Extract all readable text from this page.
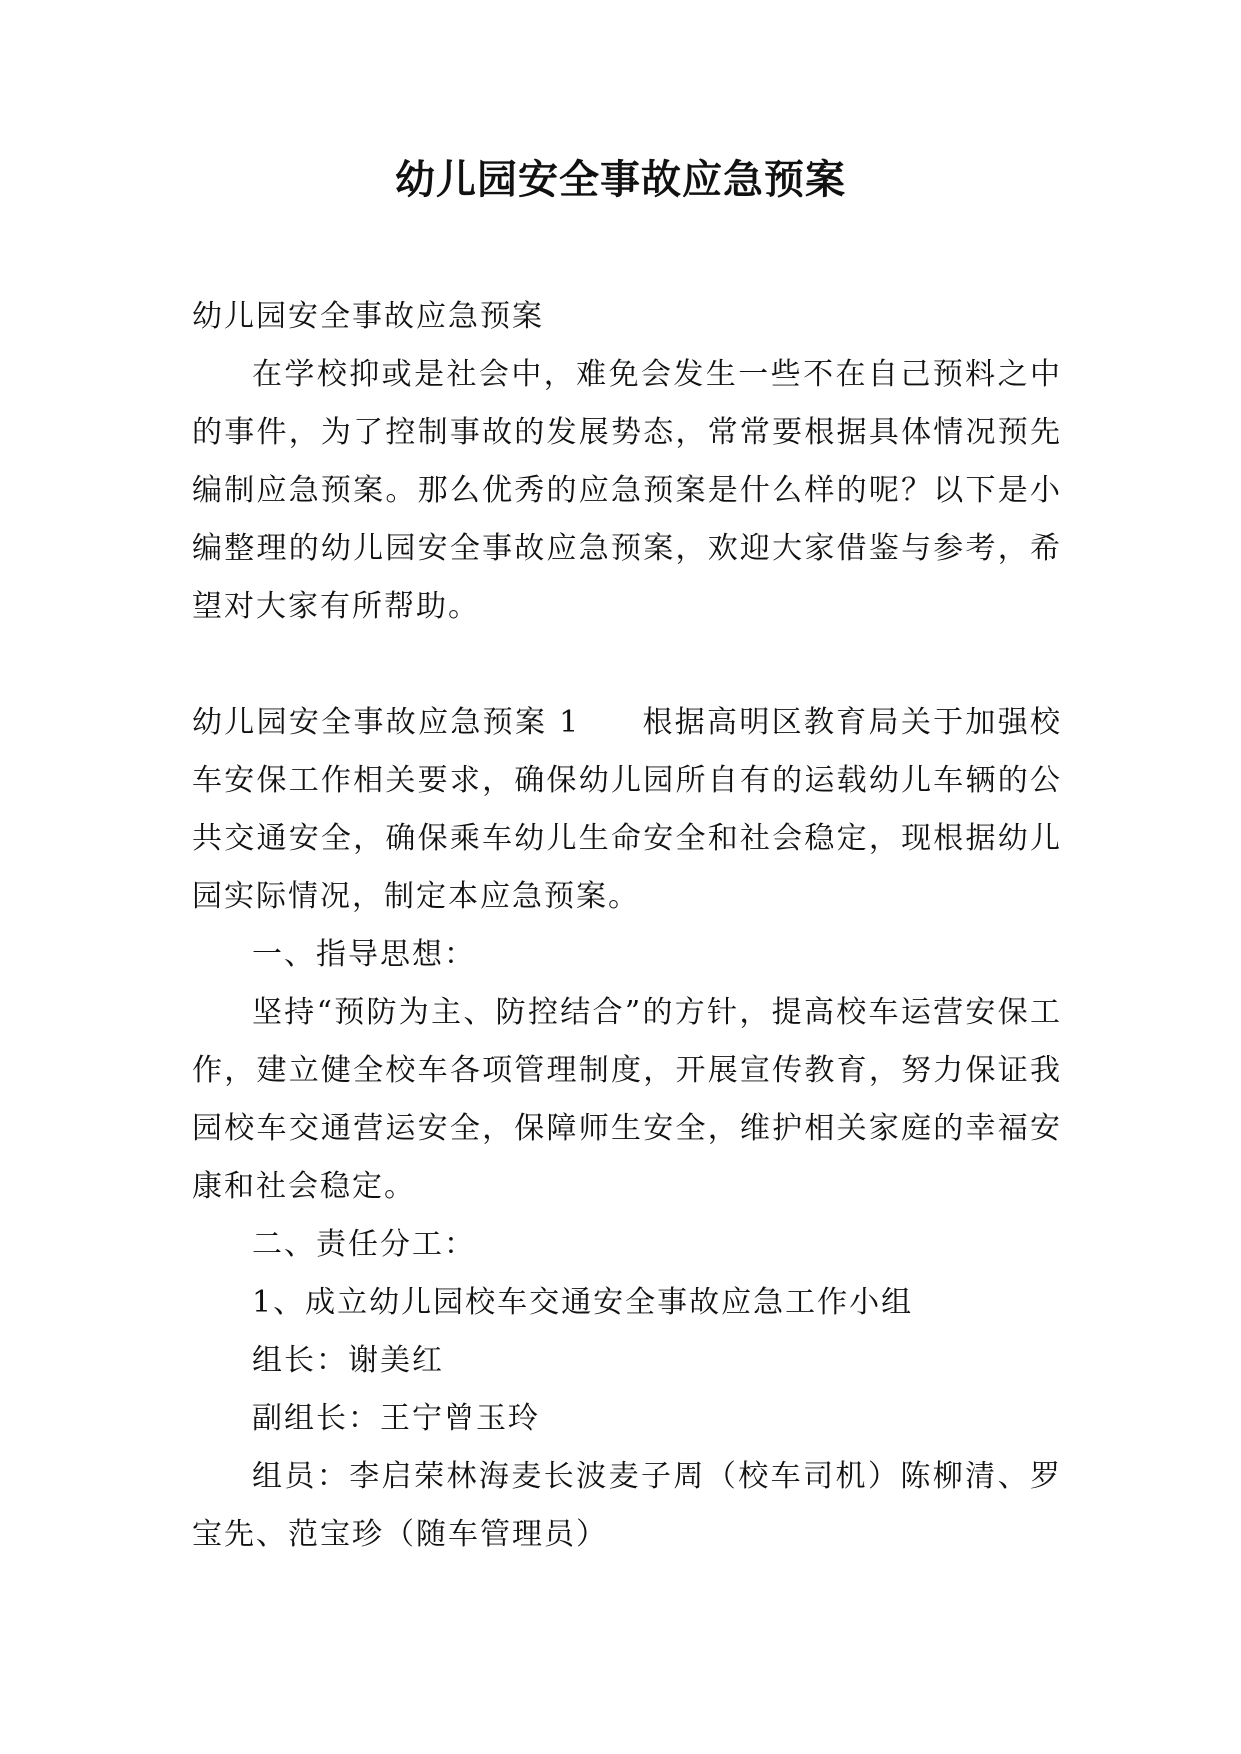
幼儿园安全事故应急预案

幼儿园安全事故应急预案

在学校抑或是社会中，难免会发生一些不在自己预料之中的事件，为了控制事故的发展势态，常常要根据具体情况预先编制应急预案。那么优秀的应急预案是什么样的呢？以下是小编整理的幼儿园安全事故应急预案，欢迎大家借鉴与参考，希望对大家有所帮助。

幼儿园安全事故应急预案 1 根据高明区教育局关于加强校车安保工作相关要求，确保幼儿园所自有的运载幼儿车辆的公共交通安全，确保乘车幼儿生命安全和社会稳定，现根据幼儿园实际情况，制定本应急预案。

一、指导思想：

坚持“预防为主、防控结合”的方针，提高校车运营安保工作，建立健全校车各项管理制度，开展宣传教育，努力保证我园校车交通营运安全，保障师生安全，维护相关家庭的幸福安康和社会稳定。

二、责任分工：

1、成立幼儿园校车交通安全事故应急工作小组

组长：谢美红

副组长：王宁曾玉玲

组员：李启荣林海麦长波麦子周（校车司机）陈柳清、罗宝先、范宝珍（随车管理员）
